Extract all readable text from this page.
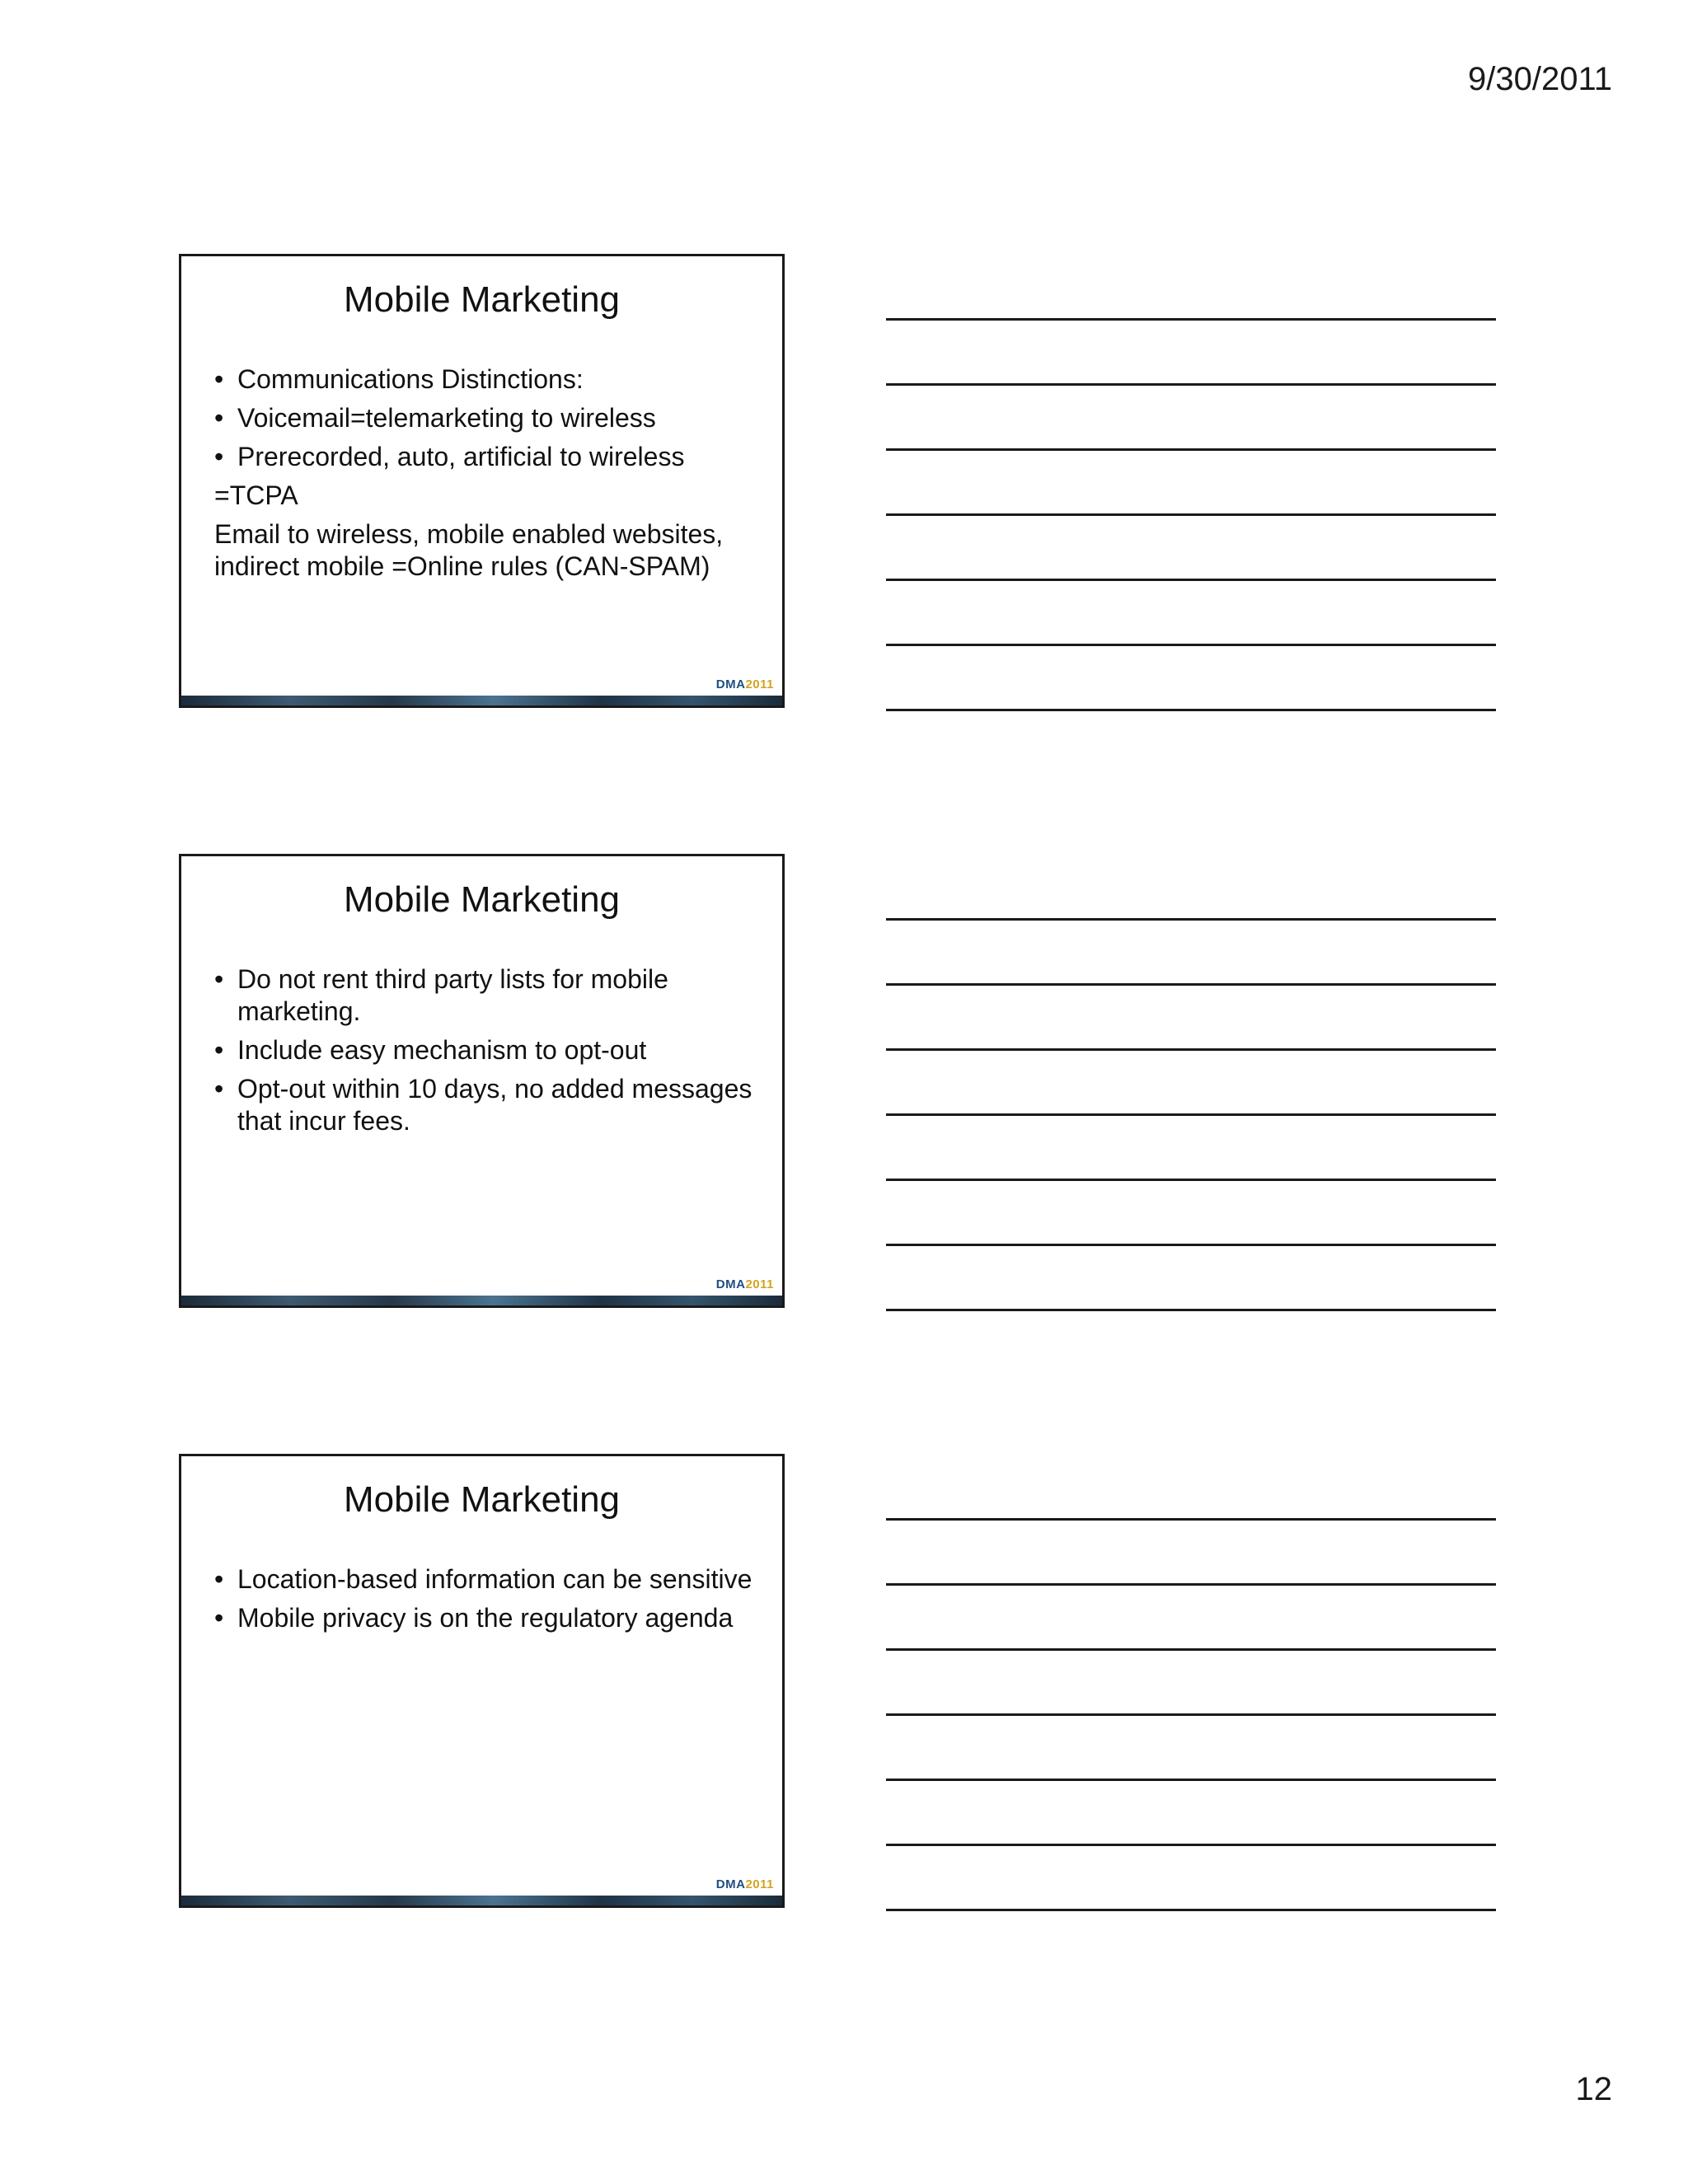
9/30/2011
Mobile Marketing
• Communications Distinctions:
• Voicemail=telemarketing to wireless
• Prerecorded, auto, artificial to wireless
=TCPA
Email to wireless, mobile enabled websites, indirect mobile =Online rules (CAN-SPAM)
DMA2011
Mobile Marketing
• Do not rent third party lists for mobile marketing.
• Include easy mechanism to opt-out
• Opt-out within 10 days, no added messages that incur fees.
DMA2011
Mobile Marketing
• Location-based information can be sensitive
• Mobile privacy is on the regulatory agenda
DMA2011
12
